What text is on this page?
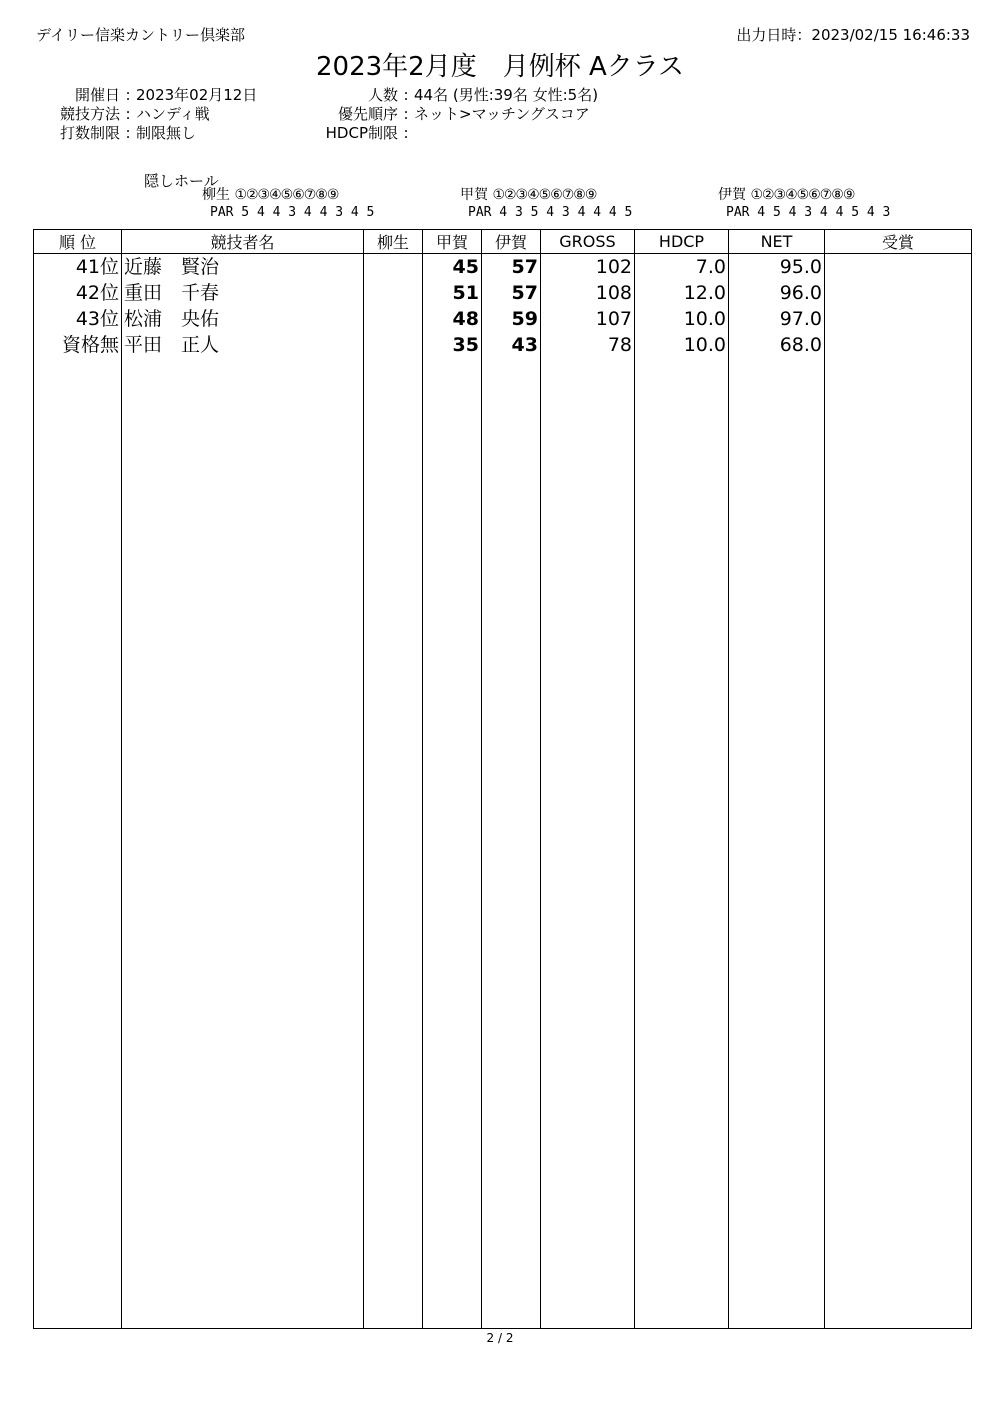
デイリー信楽カントリー倶楽部	出力日時：2023/02/15 16:46:33
2023年2月度　月例杯 Aクラス
開催日 : 2023年02月12日
競技方法 : ハンディ戦
打数制限 : 制限無し
人数 : 44名 (男性:39名 女性:5名)
優先順序 : ネット>マッチングスコア
HDCP制限 :
隠しホール
柳生 ①②③④⑤⑥⑦⑧⑨
PAR 5 4 4 3 4 4 3 4 5
甲賀 ①②③④⑤⑥⑦⑧⑨
PAR 4 3 5 4 3 4 4 4 5
伊賀 ①②③④⑤⑥⑦⑧⑨
PAR 4 5 4 3 4 4 5 4 3
順 位	競技者名	柳生	甲賀	伊賀	GROSS	HDCP	NET	受賞
41位	近藤　賢治		45	57	102	7.0	95.0	
42位	重田　千春		51	57	108	12.0	96.0	
43位	松浦　央佑		48	59	107	10.0	97.0	
資格無	平田　正人		35	43	78	10.0	68.0	

2 / 2
